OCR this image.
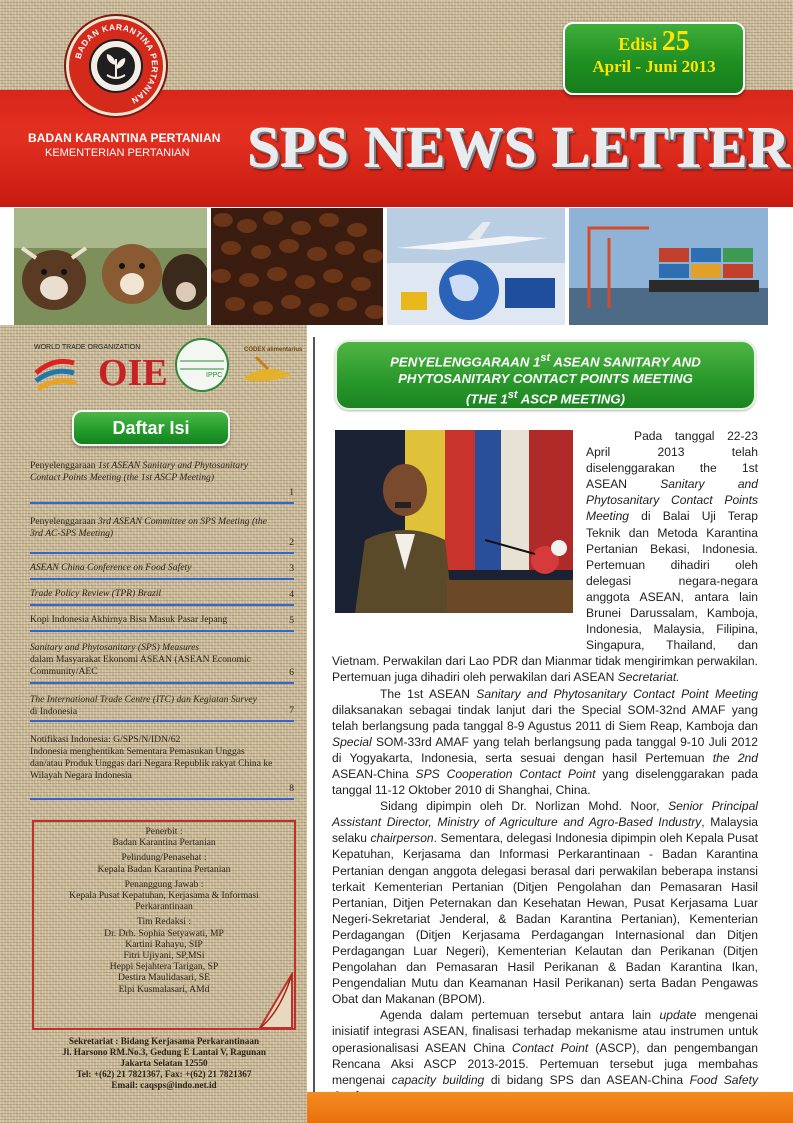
BADAN KARANTINA PERTANIAN
BADAN KARANTINA PERTANIAN
KEMENTERIAN PERTANIAN
Edisi 25
April - Juni 2013
SPS NEWS LETTER
WORLD TRADE ORGANIZATION
OIE	IPPC
CODEX alimentarius
Daftar Isi
Penyelenggaraan 1st ASEAN Sanitary and Phytosanitary Contact Points Meeting (the 1st ASCP Meeting)
1
Penyelenggaraan 3rd ASEAN Committee on SPS Meeting (the 3rd AC-SPS Meeting)
2
ASEAN China Conference on Food Safety	3
Trade Policy Review (TPR) Brazil	4
Kopi Indonesia Akhirnya Bisa Masuk Pasar Jepang	5
Sanitary and Phytosanitary (SPS) Measures
dalam Masyarakat Ekonomi ASEAN (ASEAN Economic Community/AEC	6
The International Trade Centre (ITC) dan Kegiatan Survey
di Indonesia	7
Notifikasi Indonesia: G/SPS/N/IDN/62
Indonesia menghentikan Sementara Pemasukan Unggas dan/atau Produk Unggas dari Negara Republik rakyat China ke Wilayah Negara Indonesia
8
Penerbit :
Badan Karantina Pertanian
Pelindung/Penasehat :
Kepala Badan Karantina Pertanian
Penanggung Jawab :
Kepala Pusat Kepatuhan, Kerjasama & Informasi Perkarantinaan
Tim Redaksi :
Dr. Drh. Sophia Setyawati, MP
Kartini Rahayu, SIP
Fitri Ujiyani, SP,MSi
Heppi Sejahtera Tarigan, SP
Destira Maulidasari, SE
Elpi Kusmalasari, AMd
Sekretariat : Bidang Kerjasama Perkarantinaan
Jl. Harsono RM.No.3, Gedung E Lantai V, Ragunan
Jakarta Selatan 12550
Tel: +(62) 21 7821367, Fax: +(62) 21 7821367
Email: caqsps@indo.net.id
PENYELENGGARAAN 1st ASEAN SANITARY AND
PHYTOSANITARY CONTACT POINTS MEETING
(THE 1st ASCP MEETING)

Pada tanggal 22-23 April 2013 telah diselenggarakan the 1st ASEAN Sanitary and Phytosanitary Contact Points Meeting di Balai Uji Terap Teknik dan Metoda Karantina Pertanian Bekasi, Indonesia. Pertemuan dihadiri oleh delegasi negara-negara anggota ASEAN, antara lain Brunei Darussalam, Kamboja, Indonesia, Malaysia, Filipina, Singapura, Thailand, dan Vietnam. Perwakilan dari Lao PDR dan Mianmar tidak mengirimkan perwakilan. Pertemuan juga dihadiri oleh perwakilan dari ASEAN Secretariat.

The 1st ASEAN Sanitary and Phytosanitary Contact Point Meeting dilaksanakan sebagai tindak lanjut dari the Special SOM-32nd AMAF yang telah berlangsung pada tanggal 8-9 Agustus 2011 di Siem Reap, Kamboja dan Special SOM-33rd AMAF yang telah berlangsung pada tanggal 9-10 Juli 2012 di Yogyakarta, Indonesia, serta sesuai dengan hasil Pertemuan the 2nd ASEAN-China SPS Cooperation Contact Point yang diselenggarakan pada tanggal 11-12 Oktober 2010 di Shanghai, China.

Sidang dipimpin oleh Dr. Norlizan Mohd. Noor, Senior Principal Assistant Director, Ministry of Agriculture and Agro-Based Industry, Malaysia selaku chairperson. Sementara, delegasi Indonesia dipimpin oleh Kepala Pusat Kepatuhan, Kerjasama dan Informasi Perkarantinaan - Badan Karantina Pertanian dengan anggota delegasi berasal dari perwakilan beberapa instansi terkait Kementerian Pertanian (Ditjen Pengolahan dan Pemasaran Hasil Pertanian, Ditjen Peternakan dan Kesehatan Hewan, Pusat Kerjasama Luar Negeri-Sekretariat Jenderal, & Badan Karantina Pertanian), Kementerian Perdagangan (Ditjen Kerjasama Perdagangan Internasional dan Ditjen Perdagangan Luar Negeri), Kementerian Kelautan dan Perikanan (Ditjen Pengolahan dan Pemasaran Hasil Perikanan & Badan Karantina Ikan, Pengendalian Mutu dan Keamanan Hasil Perikanan) serta Badan Pengawas Obat dan Makanan (BPOM).

Agenda dalam pertemuan tersebut antara lain update mengenai inisiatif integrasi ASEAN, finalisasi terhadap mekanisme atau instrumen untuk operasionalisasi ASEAN China Contact Point (ASCP), dan pengembangan Rencana Aksi ASCP 2013-2015. Pertemuan tersebut juga membahas mengenai capacity building di bidang SPS dan ASEAN-China Food Safety
